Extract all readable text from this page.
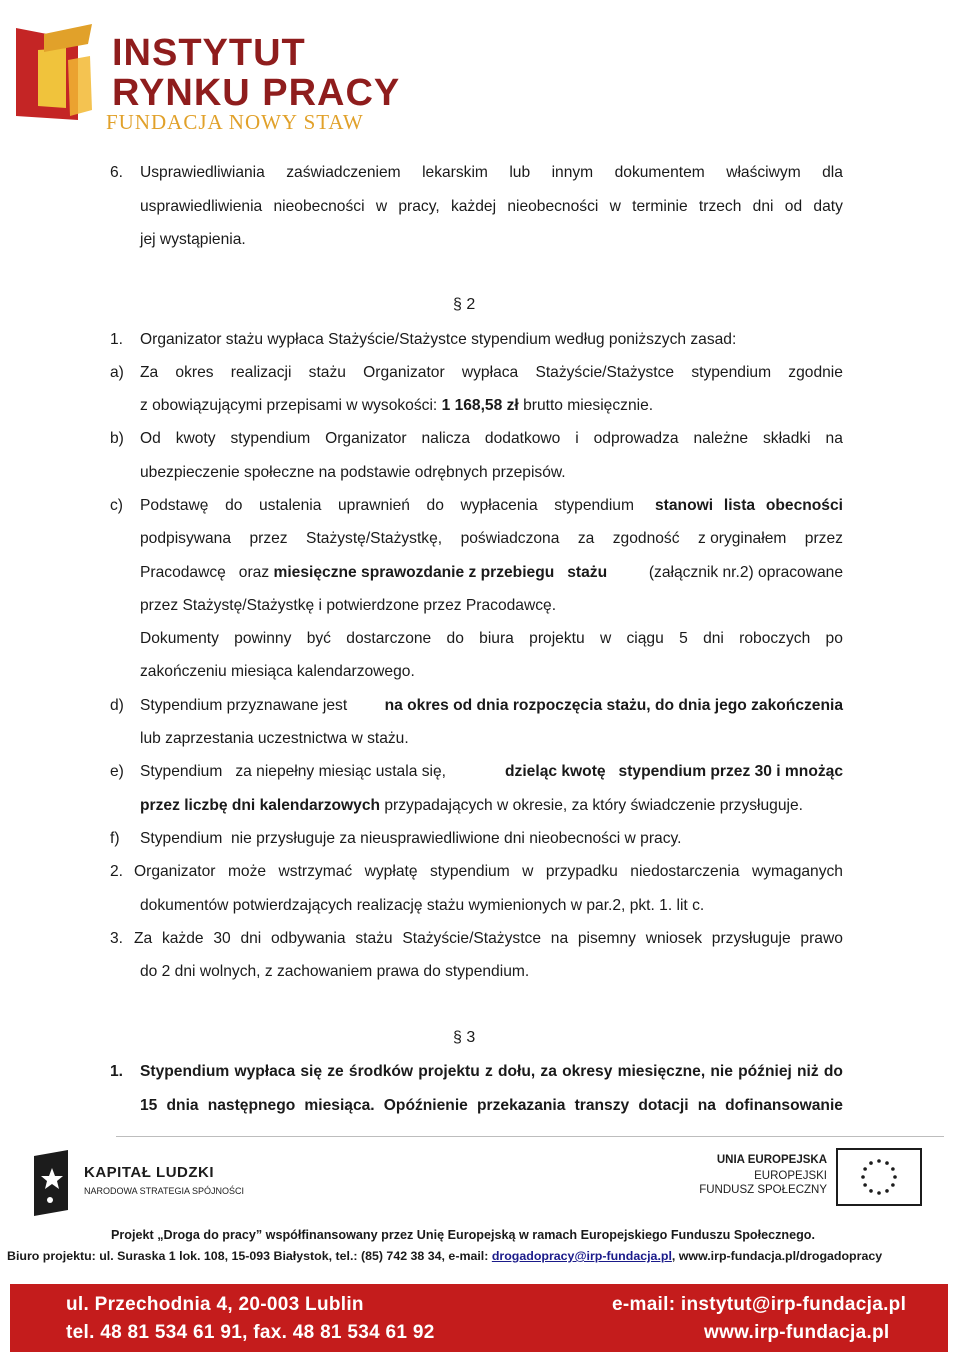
INSTYTUT
RYNKU PRACY
FUNDACJA NOWY STAW
6. Usprawiedliwiania zaświadczeniem lekarskim lub innym dokumentem właściwym dla
usprawiedliwienia nieobecności w pracy, każdej nieobecności w terminie trzech dni od daty
jej wystąpienia.
§ 2
1. Organizator stażu wypłaca Stażyście/Stażystce stypendium według poniższych zasad:
a) Za okres realizacji stażu Organizator wypłaca Stażyście/Stażystce stypendium zgodnie
z obowiązującymi przepisami w wysokości: 1 168,58 zł brutto miesięcznie.
b) Od kwoty stypendium Organizator nalicza dodatkowo i odprowadza należne składki na
ubezpieczenie społeczne na podstawie odrębnych przepisów.
c) Podstawę do ustalenia uprawnień do wypłacenia stypendium stanowi lista obecności
podpisywana przez Stażystę/Stażystkę, poświadczona za zgodność z oryginałem przez
Pracodawcę   oraz miesięczne sprawozdanie z przebiegu   stażu	(załącznik nr.2) opracowane
przez Stażystę/Stażystkę i potwierdzone przez Pracodawcę.
Dokumenty powinny być dostarczone do biura projektu w ciągu 5 dni roboczych po
zakończeniu miesiąca kalendarzowego.
d) Stypendium przyznawane jest na okres od dnia rozpoczęcia stażu, do dnia jego zakończenia
lub zaprzestania uczestnictwa w stażu.
e) Stypendium   za niepełny miesiąc ustala się,	dzieląc kwotę   stypendium przez 30 i mnożąc
przez liczbę dni kalendarzowych przypadających w okresie, za który świadczenie przysługuje.
f) Stypendium  nie przysługuje za nieusprawiedliwione dni nieobecności w pracy.
2. Organizator może wstrzymać wypłatę stypendium w przypadku niedostarczenia wymaganych
dokumentów potwierdzających realizację stażu wymienionych w par.2, pkt. 1. lit c.
3. Za każde 30 dni odbywania stażu Stażyście/Stażystce na pisemny wniosek przysługuje prawo
do 2 dni wolnych, z zachowaniem prawa do stypendium.
§ 3
1. Stypendium wypłaca się ze środków projektu z dołu, za okresy miesięczne, nie później niż do
15 dnia następnego miesiąca. Opóźnienie przekazania transzy dotacji na dofinansowanie
KAPITAŁ LUDZKI
NARODOWA STRATEGIA SPÓJNOŚCI
UNIA EUROPEJSKA
EUROPEJSKI
FUNDUSZ SPOŁECZNY
Projekt „Droga do pracy” współfinansowany przez Unię Europejską w ramach Europejskiego Funduszu Społecznego.
Biuro projektu: ul. Suraska 1 lok. 108, 15-093 Białystok, tel.: (85) 742 38 34, e-mail: drogadopracy@irp-fundacja.pl, www.irp-fundacja.pl/drogadopracy
ul. Przechodnia 4, 20-003 Lublin
tel. 48 81 534 61 91, fax. 48 81 534 61 92
e-mail: instytut@irp-fundacja.pl
www.irp-fundacja.pl
